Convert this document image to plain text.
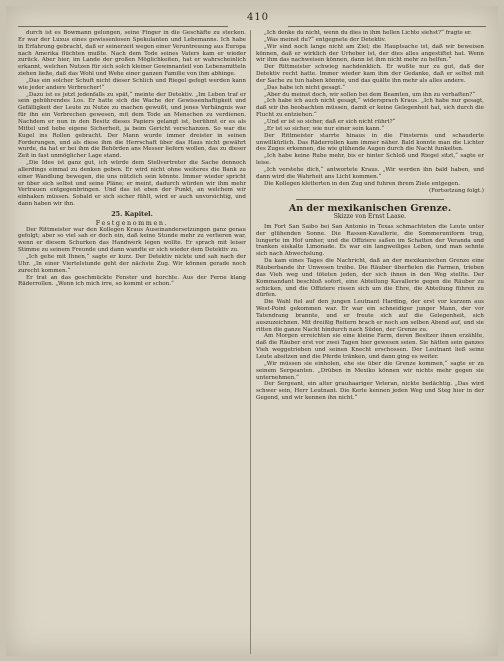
410

durch ist es Bowmann gelungen, seine Finger in die Geschäfte zu stecken. Er war der Luxus eines gewissenlosen Spekulanten und Lebemanns. Ich habe in Erfahrung gebracht, daß er seinerzeit wegen einer Veruntreuung aus Europa nach Amerika flüchten mußte. Nach dem Tode seines Vaters kam er wieder zurück. Aber hier, im Lande der großen Möglichkeiten, hat er wahrscheinlich erkannt, welchen Nutzen für sich solch kleiner Gewinnanteil von Lebensmitteln ziehen ließe, daß das Wohl und Wehe einer ganzen Familie von ihm abhinge.

„Das ein solcher Schuft nicht dieser Schlich und Riegel gefegt werden kann wie jeder andere Verbrecher!“

„Dazu ist es jetzt jedenfalls zu spät,“ meinte der Detektiv. „Im Leben traf er sein gebührendes Los. Er hatte sich die Wache der Gewissenhaftigkeit und Gefälligkeit der Leute zu Nutze zu machen gewußt, und jenes Verhängnis war für ihn ein Verbrechen gewesen, mit dem Tode an Menschen zu verdienen. Nachdem er nun in den Besitz dieses Papiers gelangt ist, berühmt er es als Mittel und hebe eigene Sicherheit, ja beim Gericht verschanzen. So war die Kugel ins Rollen gebracht. Der Mann wurde immer dreister in seinen Forderungen, und als diese ihm die Herrschaft über das Haus nicht gewährt wurde, da hat er bei ihm die Behörden ans Messer liefern wollen, das zu dieser Zeit in fast unmöglicher Lage stand.

„Die Idee ist ganz gut, ich würde dem Stellvertreter die Sache dennoch allerdings einmal zu denken geben. Er wird nicht ohne weiteres die Bank zu einer Wandlung bewegen, die uns nützlich sein könnte. Immer wieder spricht er über sich selbst und seine Pläne; er meint, dadurch würden wir ihm mehr Vertrauen entgegenbringen. Und das ist eben der Punkt, an welchem wir einhaken müssen. Sobald er sich sicher fühlt, wird er auch unvorsichtig, und dann haben wir ihn.

25. Kapitel.
Festgenommen.

Der Rittmeister war den Kollegen Kraus Auseinandersetzungen ganz genau gefolgt; aber so viel sah er doch ein, daß keine Stunde mehr zu verlieren war, wenn er diesem Schurken das Handwerk legen wollte. Er sprach mit leiser Stimme zu seinem Freunde und dann wandte er sich wieder dem Detektiv zu.

„Ich gehe mit Ihnen,“ sagte er kurz. Der Detektiv nickte und sah nach der Uhr. „In einer Viertelstunde geht der nächste Zug. Wir können gerade noch zurecht kommen.“

Er trat an das geschmückte Fenster und horchte. Aus der Ferne klang Räderrollen. „Wenn ich mich irre, so kommt er schon.“

„Ich denke du nicht, wenn du dies in ihm hellen Lichte siehst?“ fragte er.

„Was meinst du?“ entgegnete der Detektiv.

„Wir sind noch lange nicht am Ziel; die Hauptsache ist, daß wir beweisen können, daß er wirklich der Urheber ist, der dies alles angestiftet hat. Wenn wir ihm das nachweisen können, dann ist ihm nicht mehr zu helfen.“

Der Rittmeister schwieg nachdenklich. Er wußte nur zu gut, daß der Detektiv recht hatte. Immer wieder kam ihm der Gedanke, daß er selbst mit der Sache zu tun haben könnte, und das quälte ihn mehr als alles andere.

„Das habe ich nicht gesagt.“

„Aber du meinst doch, wir sollen bei dem Beamten, um ihn zu verhaften?“

„Ich habe ich auch nicht gesagt,“ widersprach Kraus. „Ich habe nur gesagt, daß wir ihn beobachten müssen, damit er keine Gelegenheit hat, sich durch die Flucht zu entziehen.“

„Und er ist so sicher, daß er sich nicht rührt?“

„Er ist so sicher, wie nur einer sein kann.“

Der Rittmeister starrte hinaus in die Finsternis und schauderte unwillkürlich. Das Räderrollen kam immer näher. Bald konnte man die Lichter des Zuges erkennen, die wie glühende Augen durch die Nacht funkelten.

„Ich habe keine Ruhe mehr, bis er hinter Schloß und Riegel sitzt,“ sagte er leise.

„Ich verstehe dich,“ antwortete Kraus. „Wir werden ihn bald haben, und dann wird die Wahrheit ans Licht kommen.“

Die Kollegen kletterten in den Zug und fuhren ihrem Ziele entgegen.

(Fortsetzung folgt.)
An der mexikanischen Grenze.
Skizze von Ernst Laase.

Im Fort San Saibo bei San Antonio in Texas schmachteten die Leute unter der glühenden Sonne. Die Rassen-Kavallerie, die Sommeruniform trug, lungerte im Hof umher, und die Offiziere saßen im Schatten der Veranda und tranken eiskalte Limonade. Es war ein langweiliges Leben, und man sehnte sich nach Abwechslung.

Da kam eines Tages die Nachricht, daß an der mexikanischen Grenze eine Räuberbande ihr Unwesen treibe. Die Räuber überfielen die Farmen, trieben das Vieh weg und töteten jeden, der sich ihnen in den Weg stellte. Der Kommandant beschloß sofort, eine Abteilung Kavallerie gegen die Räuber zu schicken, und die Offiziere rissen sich um die Ehre, die Abteilung führen zu dürfen.

Die Wahl fiel auf den jungen Leutnant Harding, der erst vor kurzem aus West-Point gekommen war. Er war ein schneidiger junger Mann, der vor Tatendrang brannte, und er freute sich auf die Gelegenheit, sich auszuzeichnen. Mit dreißig Reitern brach er noch am selben Abend auf, und sie ritten die ganze Nacht hindurch nach Süden, der Grenze zu.

Am Morgen erreichten sie eine kleine Farm, deren Besitzer ihnen erzählte, daß die Räuber erst vor zwei Tagen hier gewesen seien. Sie hätten sein ganzes Vieh weggetrieben und seinen Knecht erschossen. Der Leutnant ließ seine Leute absitzen und die Pferde tränken, und dann ging es weiter.

„Wir müssen sie einholen, ehe sie über die Grenze kommen,“ sagte er zu seinem Sergeanten. „Drüben in Mexiko können wir nichts mehr gegen sie unternehmen.“

Der Sergeant, ein alter grauhaariger Veteran, nickte bedächtig. „Das wird schwer sein, Herr Leutnant. Die Kerle kennen jeden Weg und Steg hier in der Gegend, und wir kennen ihn nicht.“
